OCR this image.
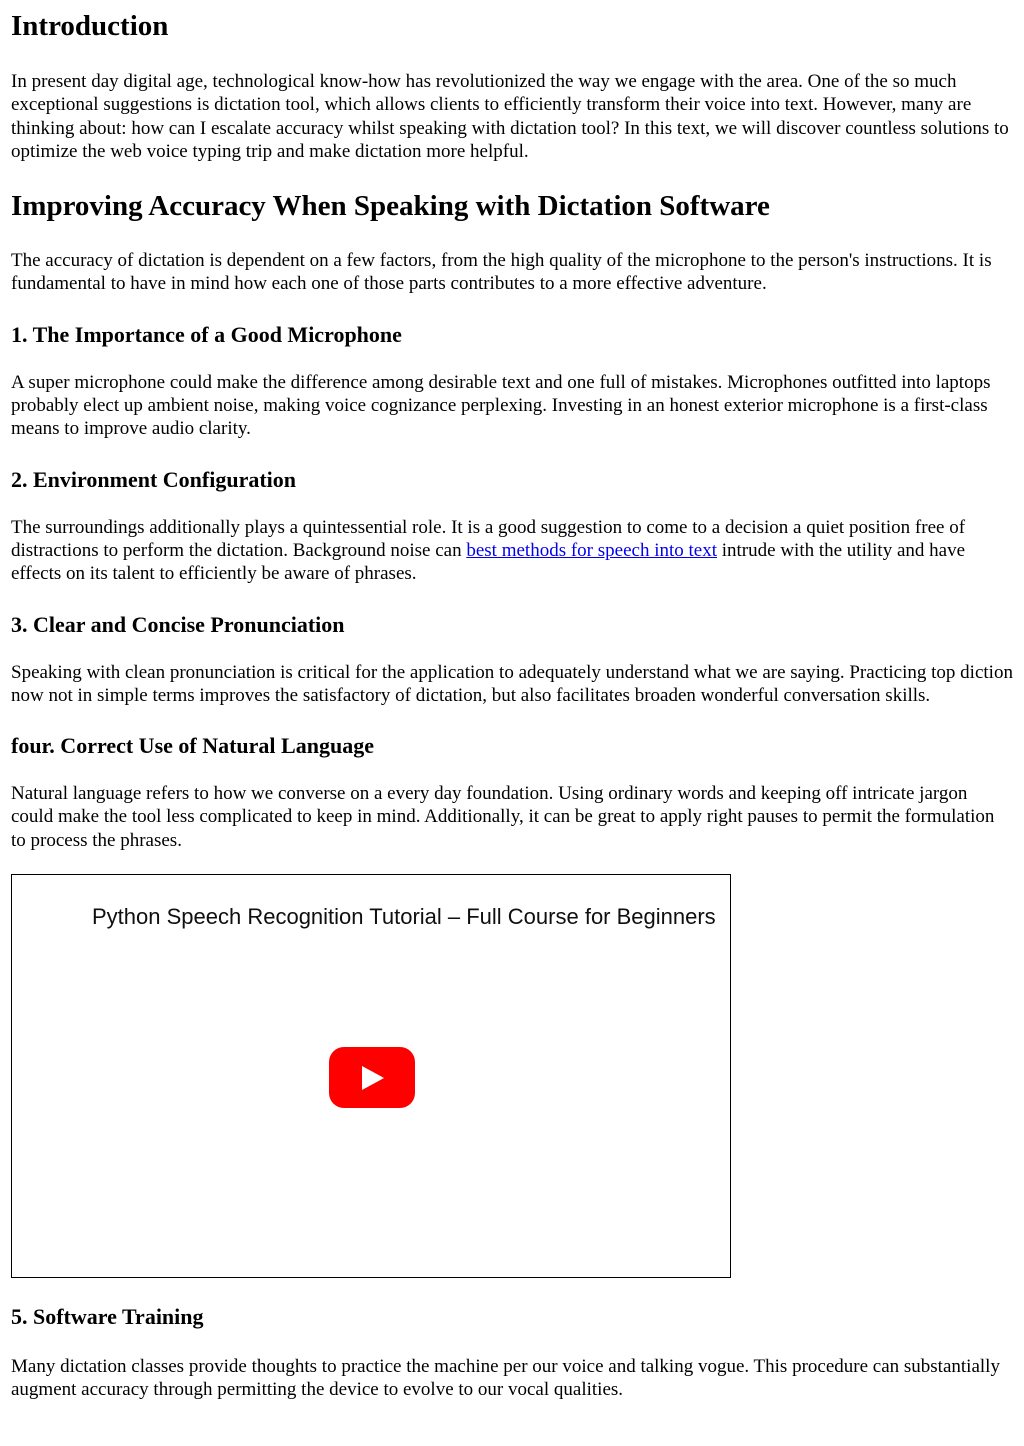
Introduction

In present day digital age, technological know-how has revolutionized the way we engage with the area. One of the so much exceptional suggestions is dictation tool, which allows clients to efficiently transform their voice into text. However, many are thinking about: how can I escalate accuracy whilst speaking with dictation tool? In this text, we will discover countless solutions to optimize the web voice typing trip and make dictation more helpful.

Improving Accuracy When Speaking with Dictation Software

The accuracy of dictation is dependent on a few factors, from the high quality of the microphone to the person's instructions. It is fundamental to have in mind how each one of those parts contributes to a more effective adventure.

1. The Importance of a Good Microphone

A super microphone could make the difference among desirable text and one full of mistakes. Microphones outfitted into laptops probably elect up ambient noise, making voice cognizance perplexing. Investing in an honest exterior microphone is a first-class means to improve audio clarity.

2. Environment Configuration

The surroundings additionally plays a quintessential role. It is a good suggestion to come to a decision a quiet position free of distractions to perform the dictation. Background noise can best methods for speech into text intrude with the utility and have effects on its talent to efficiently be aware of phrases.

3. Clear and Concise Pronunciation

Speaking with clean pronunciation is critical for the application to adequately understand what we are saying. Practicing top diction now not in simple terms improves the satisfactory of dictation, but also facilitates broaden wonderful conversation skills.

four. Correct Use of Natural Language

Natural language refers to how we converse on a every day foundation. Using ordinary words and keeping off intricate jargon could make the tool less complicated to keep in mind. Additionally, it can be great to apply right pauses to permit the formulation to process the phrases.

Python Speech Recognition Tutorial – Full Course for Beginners
5. Software Training

Many dictation classes provide thoughts to practice the machine per our voice and talking vogue. This procedure can substantially augment accuracy through permitting the device to evolve to our vocal qualities.
